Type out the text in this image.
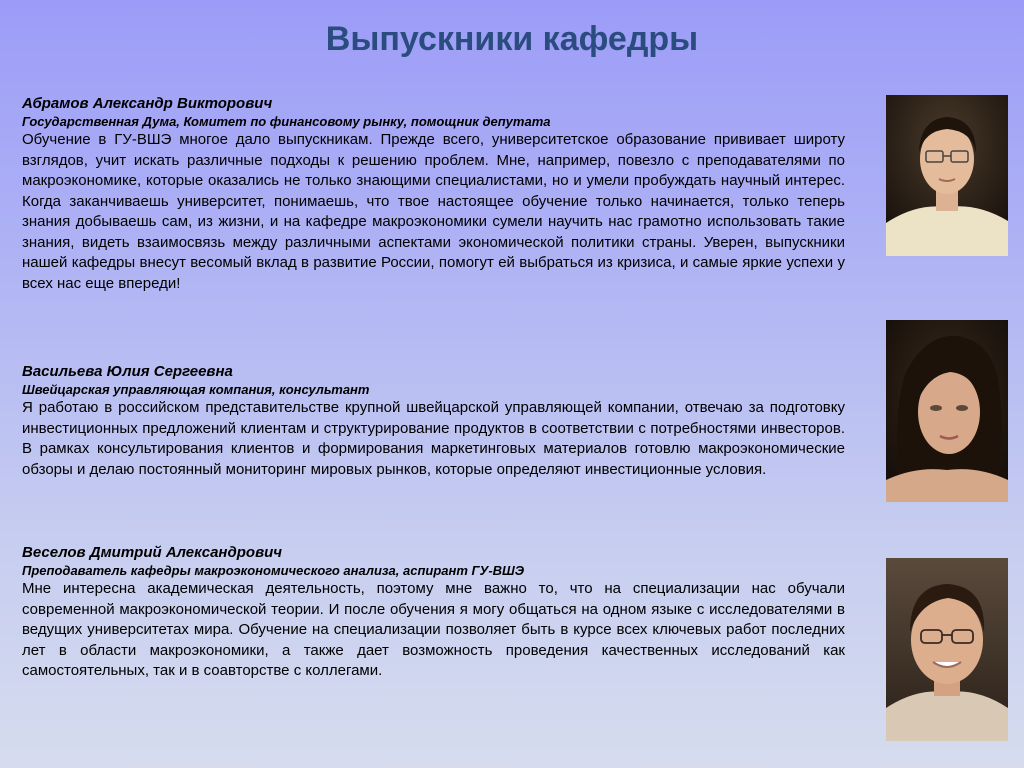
Выпускники кафедры
Абрамов Александр Викторович
Государственная Дума, Комитет по финансовому рынку, помощник депутата
Обучение в ГУ-ВШЭ многое дало выпускникам. Прежде всего, университетское образование прививает широту взглядов, учит искать различные подходы к решению проблем. Мне, например, повезло с преподавателями по макроэкономике, которые оказались не только знающими специалистами, но и умели пробуждать научный интерес. Когда заканчиваешь университет, понимаешь, что твое настоящее обучение только начинается, только теперь знания добываешь сам, из жизни, и на кафедре макроэкономики сумели научить нас грамотно использовать такие знания, видеть взаимосвязь между различными аспектами экономической политики страны. Уверен, выпускники нашей кафедры внесут весомый вклад в развитие России, помогут ей выбраться из кризиса, и самые яркие успехи у всех нас еще впереди!
Васильева Юлия Сергеевна
Швейцарская управляющая компания, консультант
Я работаю в российском представительстве крупной швейцарской управляющей компании, отвечаю за подготовку инвестиционных предложений клиентам и структурирование продуктов в соответствии с потребностями инвесторов. В рамках консультирования клиентов и формирования маркетинговых материалов готовлю макроэкономические обзоры и делаю постоянный мониторинг мировых рынков, которые определяют инвестиционные условия.
Веселов Дмитрий Александрович
Преподаватель кафедры макроэкономического анализа, аспирант ГУ-ВШЭ
Мне интересна академическая деятельность, поэтому мне важно то, что на специализации нас обучали современной макроэкономической теории. И после обучения я могу общаться на одном языке с исследователями в ведущих университетах мира. Обучение на специализации позволяет быть в курсе всех ключевых работ последних лет в области макроэкономики, а также дает возможность проведения качественных исследований как самостоятельных, так и в соавторстве с коллегами.
